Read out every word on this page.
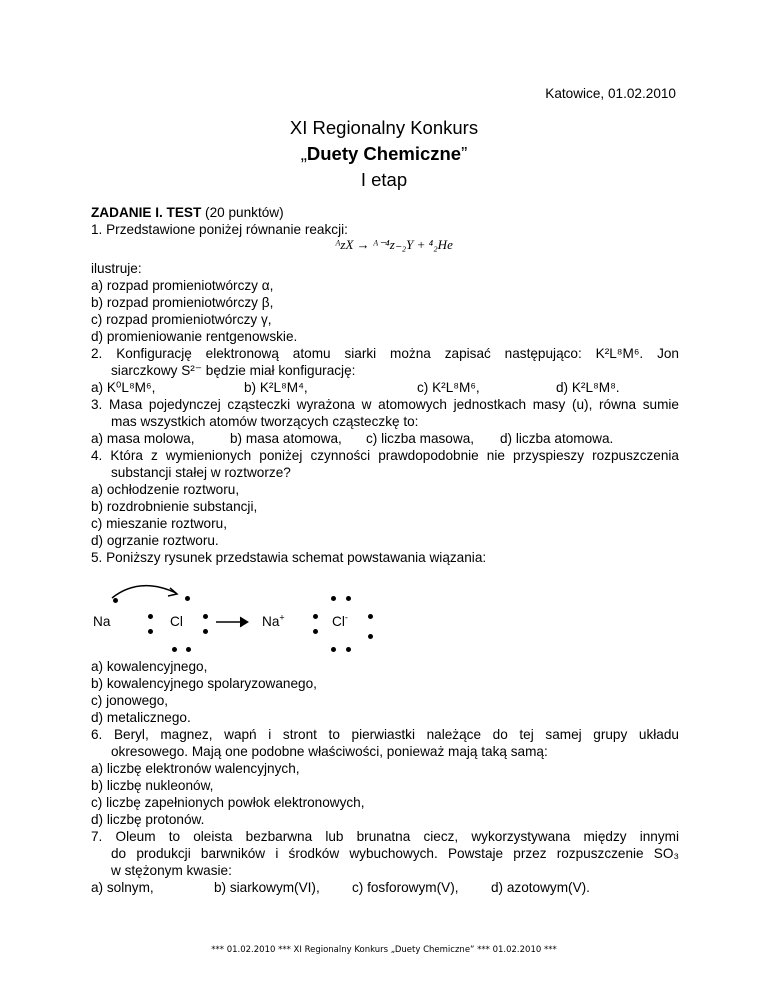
Katowice, 01.02.2010
XI Regionalny Konkurs
„Duety Chemiczne”
I etap
ZADANIE I. TEST (20 punktów)
1. Przedstawione poniżej równanie reakcji:
ᴬzX → ᴬ⁻⁴z₋₂Y + ⁴₂He
ilustruje:
a) rozpad promieniotwórczy α,
b) rozpad promieniotwórczy β,
c) rozpad promieniotwórczy γ,
d) promieniowanie rentgenowskie.
2. Konfigurację elektronową atomu siarki można zapisać następująco: K²L⁸M⁶. Jon
siarczkowy S²⁻ będzie miał konfigurację:
a) K⁰L⁸M⁶,	b) K²L⁸M⁴,	c) K²L⁸M⁶,	d) K²L⁸M⁸.
3. Masa pojedynczej cząsteczki wyrażona w atomowych jednostkach masy (u), równa sumie
mas wszystkich atomów tworzących cząsteczkę to:
a) masa molowa,	b) masa atomowa, c) liczba masowa, d) liczba atomowa.
4. Która z wymienionych poniżej czynności prawdopodobnie nie przyspieszy rozpuszczenia
substancji stałej w roztworze?
a) ochłodzenie roztworu,
b) rozdrobnienie substancji,
c) mieszanie roztworu,
d) ogrzanie roztworu.
5. Poniższy rysunek przedstawia schemat powstawania wiązania:
Na	Cl	Na+	Cl-
a) kowalencyjnego,
b) kowalencyjnego spolaryzowanego,
c) jonowego,
d) metalicznego.
6. Beryl, magnez, wapń i stront to pierwiastki należące do tej samej grupy układu
okresowego. Mają one podobne właściwości, ponieważ mają taką samą:
a) liczbę elektronów walencyjnych,
b) liczbę nukleonów,
c) liczbę zapełnionych powłok elektronowych,
d) liczbę protonów.
7. Oleum to oleista bezbarwna lub brunatna ciecz, wykorzystywana między innymi
do produkcji barwników i środków wybuchowych. Powstaje przez rozpuszczenie SO₃
w stężonym kwasie:
a) solnym,	b) siarkowym(VI), c) fosforowym(V), d) azotowym(V).
*** 01.02.2010 *** XI Regionalny Konkurs „Duety Chemiczne” *** 01.02.2010 ***
